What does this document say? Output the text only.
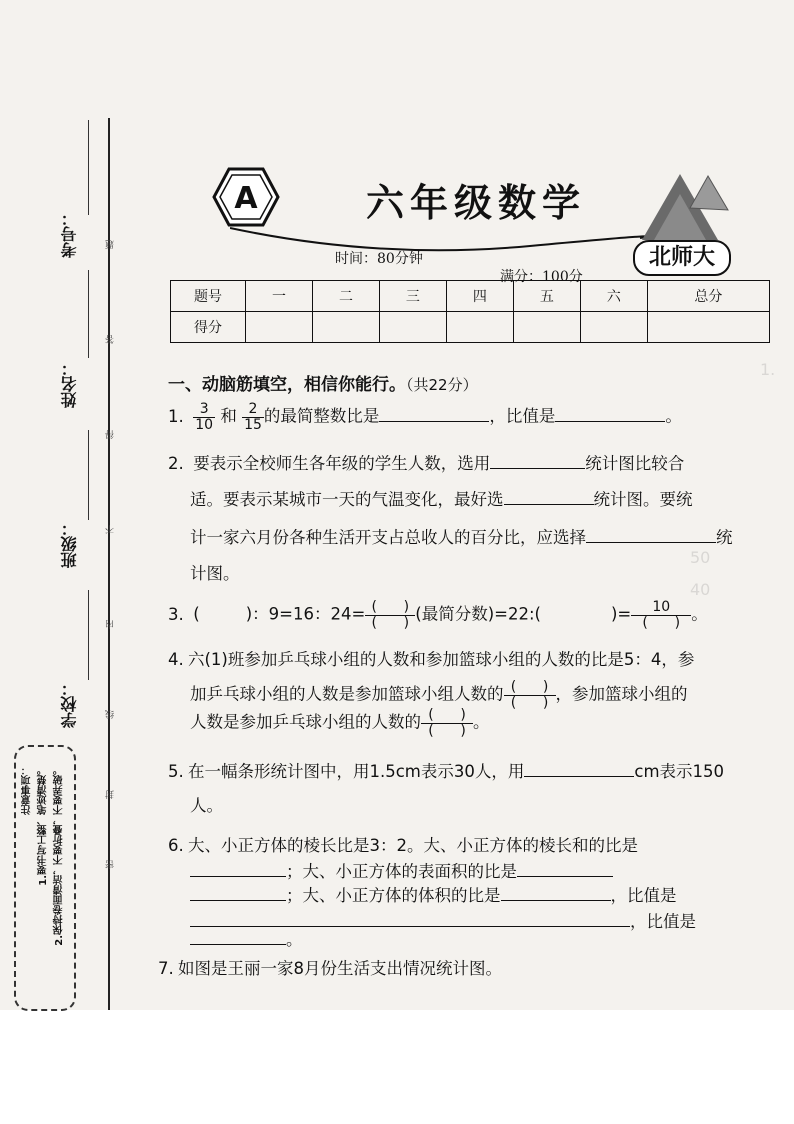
考号：
姓名：
班级：
学校：
题
答
得
不
内
线
封
密
注意事项： 1.要书写工整、笔迹清楚。 2.保持卷面清洁，不要折叠，不要弄破。
1.
50
40
A	六年级数学
北师大
时间：80分钟
满分：100分
题号	一	二	三	四	五	六	总分
得分							
一、动脑筋填空，相信你能行。（共22分）
1. $\frac{3}{10}$ 和 $\frac{2}{15}$ 的最简整数比是	，比值是	。
2. 要表示全校师生各年级的学生人数，选用	统计图比较合
适。要表示某城市一天的气温变化，最好选	统计图。要统
计一家六月份各种生活开支占总收人的百分比，应选择	统
计图。
3. (	)：9=16：$24= \frac{( )}{( )}$ (最简分数)=22:(	)= $\frac{10}{( )}$ 。
4. 六(1)班参加乒乓球小组的人数和参加篮球小组的人数的比是5：4，参
加乒乓球小组的人数是参加篮球小组人数的 $\frac{( )}{( )}$ ，参加篮球小组的
人数是参加乒乓球小组的人数的 $\frac{( )}{( )}$ 。
5. 在一幅条形统计图中，用1.5cm表示30人，用	cm表示150
人。
6. 大、小正方体的棱长比是3：2。大、小正方体的棱长和的比是
；大、小正方体的表面积的比是
；大、小正方体的体积的比是	，比值是
，比值是
。
7. 如图是王丽一家8月份生活支出情况统计图。
